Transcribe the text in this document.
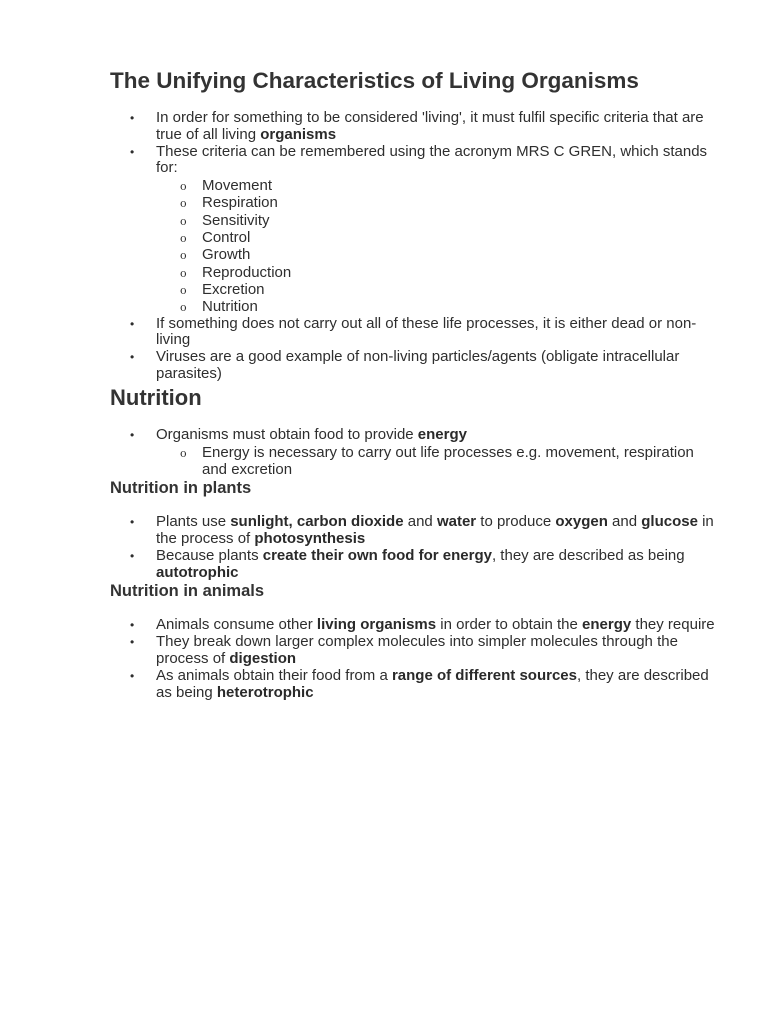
The Unifying Characteristics of Living Organisms
• In order for something to be considered 'living', it must fulfil specific criteria that are true of all living organisms
• These criteria can be remembered using the acronym MRS C GREN, which stands for:
o Movement
o Respiration
o Sensitivity
o Control
o Growth
o Reproduction
o Excretion
o Nutrition
• If something does not carry out all of these life processes, it is either dead or non-living
• Viruses are a good example of non-living particles/agents (obligate intracellular parasites)
Nutrition
• Organisms must obtain food to provide energy
o Energy is necessary to carry out life processes e.g. movement, respiration and excretion
Nutrition in plants
• Plants use sunlight, carbon dioxide and water to produce oxygen and glucose in the process of photosynthesis
• Because plants create their own food for energy, they are described as being autotrophic
Nutrition in animals
• Animals consume other living organisms in order to obtain the energy they require
• They break down larger complex molecules into simpler molecules through the process of digestion
• As animals obtain their food from a range of different sources, they are described as being heterotrophic
